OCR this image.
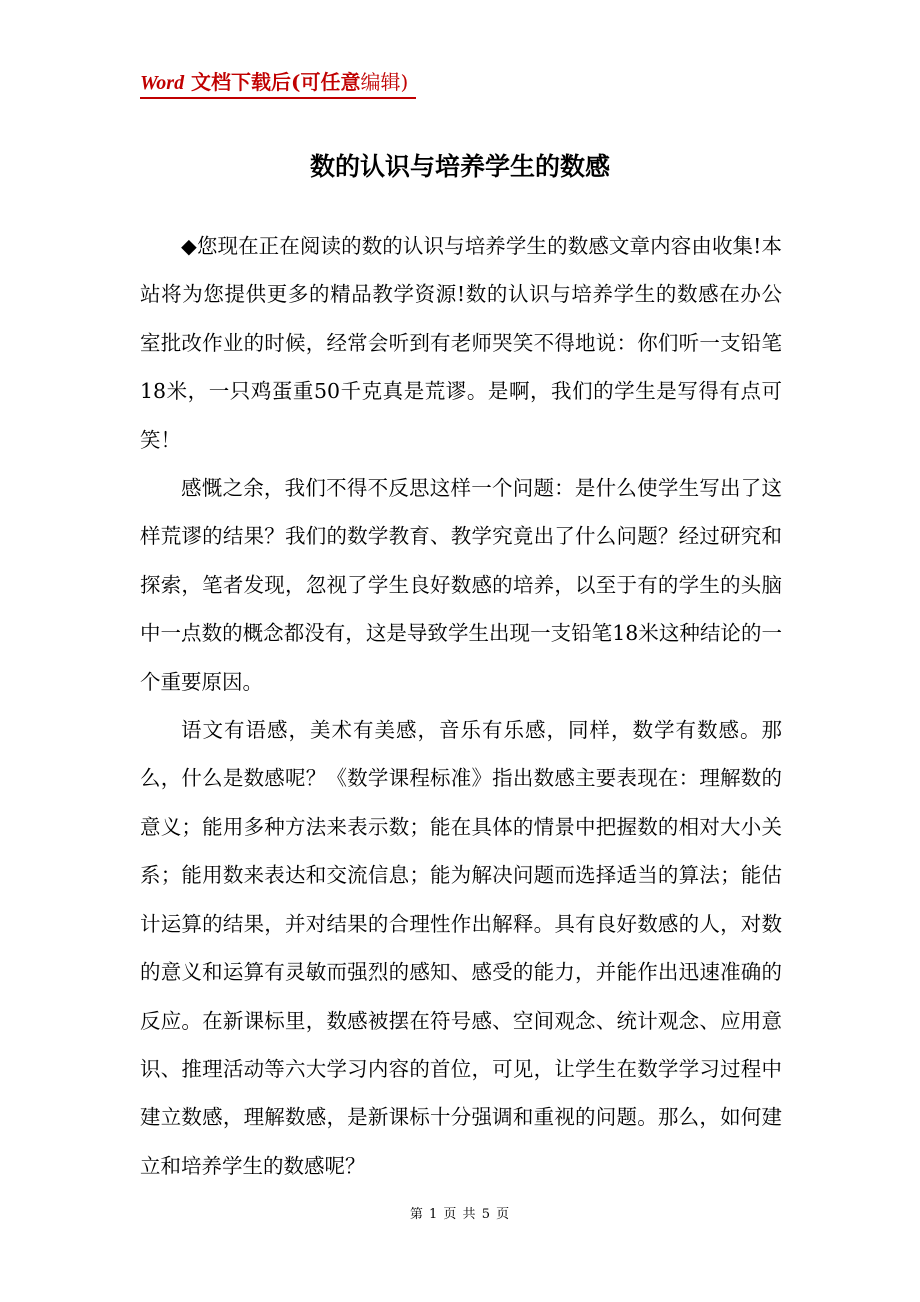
Word 文档下载后(可任意编辑)
数的认识与培养学生的数感

◆您现在正在阅读的数的认识与培养学生的数感文章内容由收集!本站将为您提供更多的精品教学资源!数的认识与培养学生的数感在办公室批改作业的时候，经常会听到有老师哭笑不得地说：你们听一支铅笔18米，一只鸡蛋重50千克真是荒谬。是啊，我们的学生是写得有点可笑！

感慨之余，我们不得不反思这样一个问题：是什么使学生写出了这样荒谬的结果？我们的数学教育、教学究竟出了什么问题？经过研究和探索，笔者发现，忽视了学生良好数感的培养，以至于有的学生的头脑中一点数的概念都没有，这是导致学生出现一支铅笔18米这种结论的一个重要原因。

语文有语感，美术有美感，音乐有乐感，同样，数学有数感。那么，什么是数感呢？《数学课程标准》指出数感主要表现在：理解数的意义；能用多种方法来表示数；能在具体的情景中把握数的相对大小关系；能用数来表达和交流信息；能为解决问题而选择适当的算法；能估计运算的结果，并对结果的合理性作出解释。具有良好数感的人，对数的意义和运算有灵敏而强烈的感知、感受的能力，并能作出迅速准确的反应。在新课标里，数感被摆在符号感、空间观念、统计观念、应用意识、推理活动等六大学习内容的首位，可见，让学生在数学学习过程中建立数感，理解数感，是新课标十分强调和重视的问题。那么，如何建立和培养学生的数感呢？

第 1 页 共 5 页
